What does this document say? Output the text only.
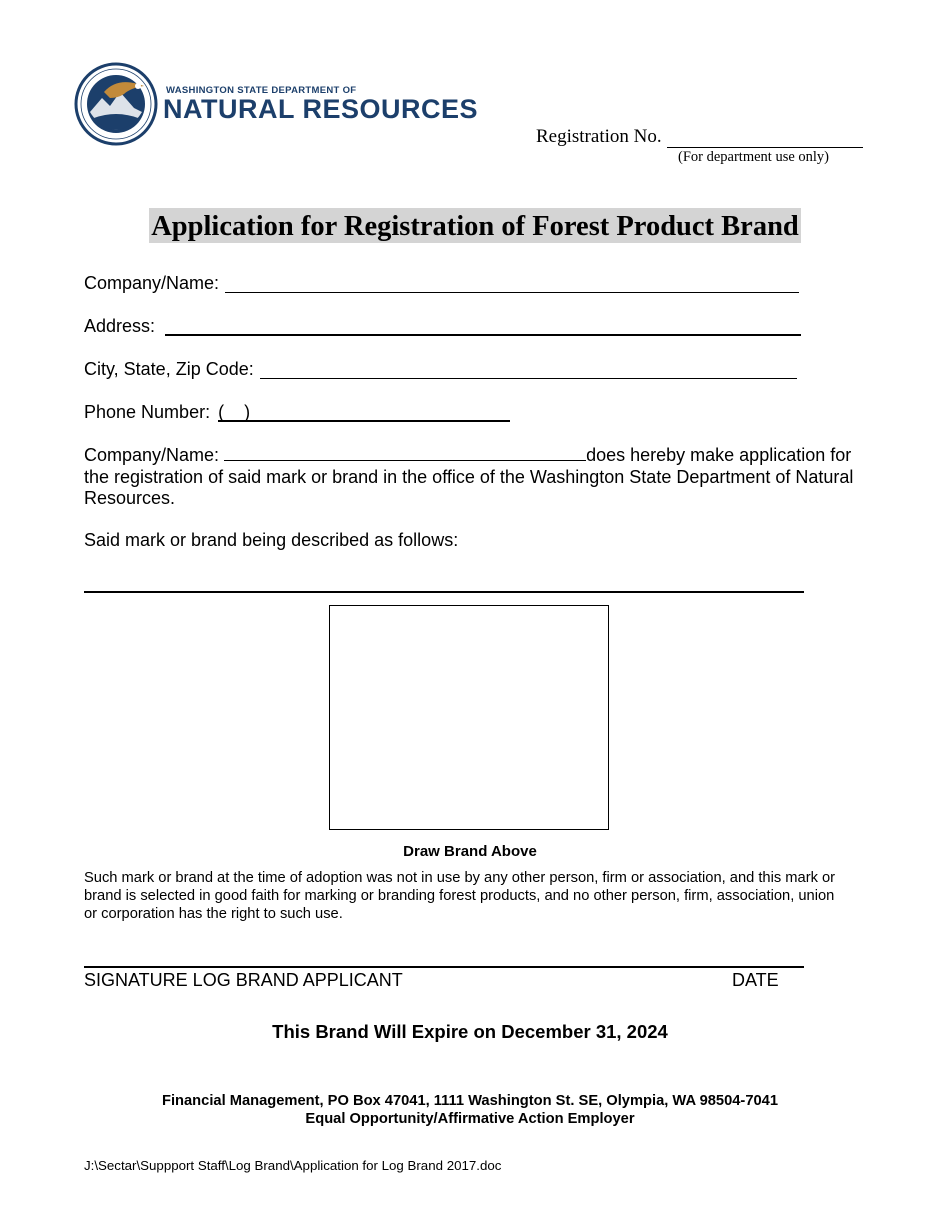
WASHINGTON STATE DEPARTMENT OF
NATURAL RESOURCES
Registration No.
(For department use only)
Application for Registration of Forest Product Brand
Company/Name:
Address:
City, State, Zip Code:
Phone Number: (    )
Company/Name:	does hereby make application for the registration of said mark or brand in the office of the Washington State Department of Natural Resources.
Said mark or brand being described as follows:
Draw Brand Above
Such mark or brand at the time of adoption was not in use by any other person, firm or association, and this mark or brand is selected in good faith for marking or branding forest products, and no other person, firm, association, union or corporation has the right to such use.
SIGNATURE LOG BRAND APPLICANT	DATE
This Brand Will Expire on December 31, 2024
Financial Management, PO Box 47041, 1111 Washington St. SE, Olympia, WA 98504-7041
Equal Opportunity/Affirmative Action Employer
J:\Sectar\Suppport Staff\Log Brand\Application for Log Brand 2017.doc
